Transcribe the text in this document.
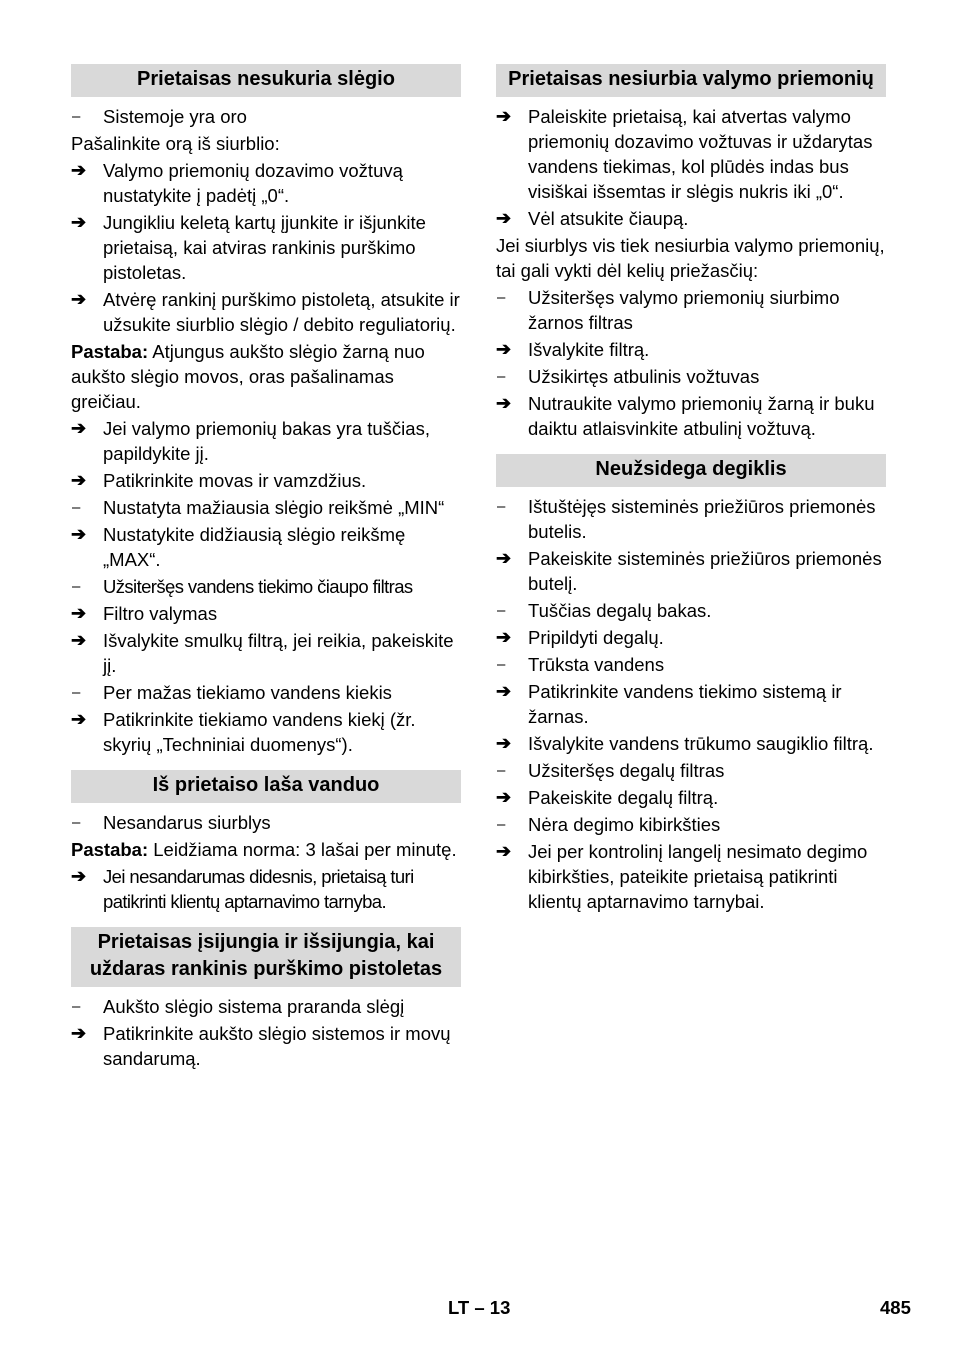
Prietaisas nesukuria slėgio
–	Sistemoje yra oro
Pašalinkite orą iš siurblio:
➔ Valymo priemonių dozavimo vožtuvą nustatykite į padėtį „0“.
➔ Jungikliu keletą kartų įjunkite ir išjunkite prietaisą, kai atviras rankinis purškimo pistoletas.
➔ Atvėrę rankinį purškimo pistoletą, atsukite ir užsukite siurblio slėgio / debito reguliatorių.
Pastaba: Atjungus aukšto slėgio žarną nuo aukšto slėgio movos, oras pašalinamas greičiau.
➔ Jei valymo priemonių bakas yra tuščias, papildykite jį.
➔ Patikrinkite movas ir vamzdžius.
–	Nustatyta mažiausia slėgio reikšmė „MIN“
➔ Nustatykite didžiausią slėgio reikšmę „MAX“.
–	Užsiteršęs vandens tiekimo čiaupo filtras
➔ Filtro valymas
➔ Išvalykite smulkų filtrą, jei reikia, pakeiskite jį.
–	Per mažas tiekiamo vandens kiekis
➔ Patikrinkite tiekiamo vandens kiekį (žr. skyrių „Techniniai duomenys“).
Iš prietaiso laša vanduo
–	Nesandarus siurblys
Pastaba: Leidžiama norma: 3 lašai per minutę.
➔ Jei nesandarumas didesnis, prietaisą turi patikrinti klientų aptarnavimo tarnyba.
Prietaisas įsijungia ir išsijungia, kai uždaras rankinis purškimo pistoletas
–	Aukšto slėgio sistema praranda slėgį
➔ Patikrinkite aukšto slėgio sistemos ir movų sandarumą.
Prietaisas nesiurbia valymo priemonių
➔ Paleiskite prietaisą, kai atvertas valymo priemonių dozavimo vožtuvas ir uždarytas vandens tiekimas, kol plūdės indas bus visiškai išsemtas ir slėgis nukris iki „0“.
➔ Vėl atsukite čiaupą.
Jei siurblys vis tiek nesiurbia valymo priemonių, tai gali vykti dėl kelių priežasčių:
–	Užsiteršęs valymo priemonių siurbimo žarnos filtras
➔ Išvalykite filtrą.
–	Užsikirtęs atbulinis vožtuvas
➔ Nutraukite valymo priemonių žarną ir buku daiktu atlaisvinkite atbulinį vožtuvą.
Neužsidega degiklis
–	Ištuštėjęs sisteminės priežiūros priemonės butelis.
➔ Pakeiskite sisteminės priežiūros priemonės butelį.
–	Tuščias degalų bakas.
➔ Pripildyti degalų.
–	Trūksta vandens
➔ Patikrinkite vandens tiekimo sistemą ir žarnas.
➔ Išvalykite vandens trūkumo saugiklio filtrą.
–	Užsiteršęs degalų filtras
➔ Pakeiskite degalų filtrą.
–	Nėra degimo kibirkšties
➔ Jei per kontrolinį langelį nesimato degimo kibirkšties, pateikite prietaisą patikrinti klientų aptarnavimo tarnybai.
LT – 13	485
